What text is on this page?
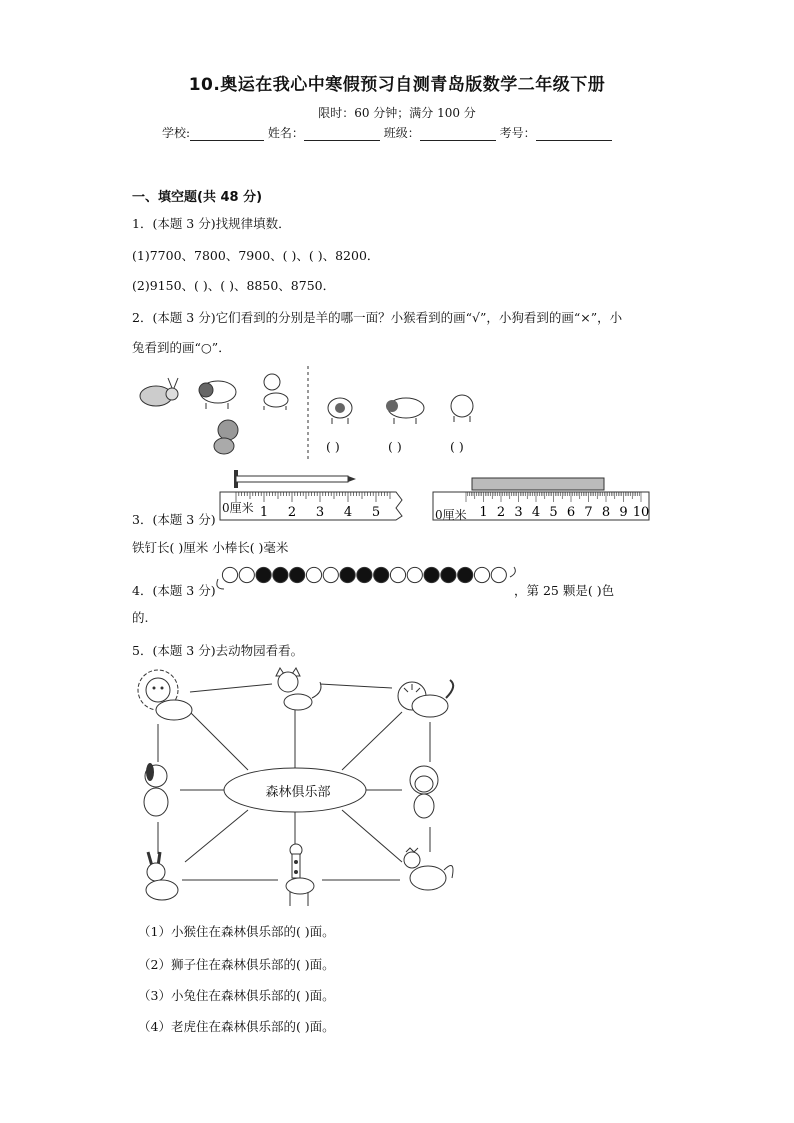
10.奥运在我心中寒假预习自测青岛版数学二年级下册
限时：60 分钟；满分 100 分
学校:	姓名：	班级：	考号：
一、填空题(共 48 分)
1．(本题 3 分)找规律填数．
(1)7700、7800、7900、( )、( )、8200．
(2)9150、( )、( )、8850、8750．
2．(本题 3 分)它们看到的分别是羊的哪一面？小猴看到的画“√”，小狗看到的画“×”，小
兔看到的画“○”．
( )	( )	( )
1 2 3 4 5
0厘米	1 2 3 4 5 6 7 8 9 10
0厘米
3．(本题 3 分)
铁钉长( )厘米 小棒长( )毫米
4．(本题 3 分)	，第 25 颗是( )色
的.
5．(本题 3 分)去动物园看看。
森林俱乐部
（1）小猴住在森林俱乐部的( )面。
（2）狮子住在森林俱乐部的( )面。
（3）小兔住在森林俱乐部的( )面。
（4）老虎住在森林俱乐部的( )面。
